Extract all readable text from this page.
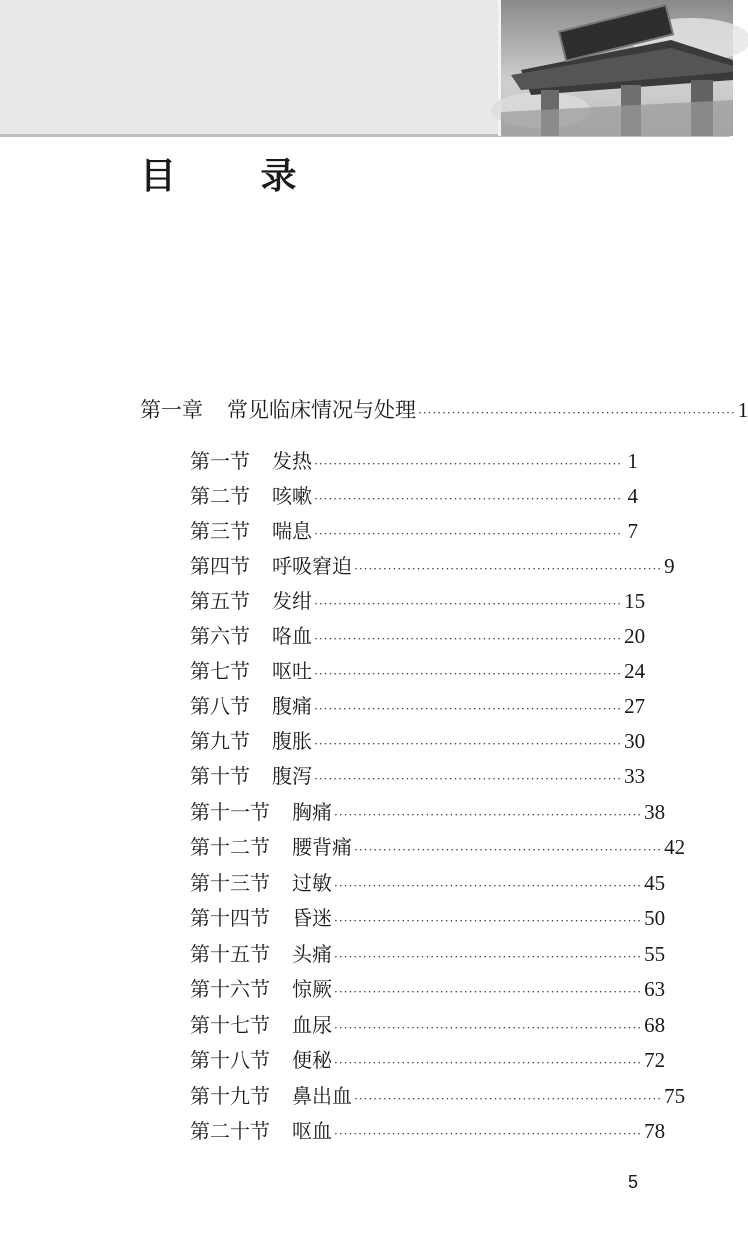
目 录
第一章 常见临床情况与处理 ·································································· 1
第一节 发热 ································································ 1
第二节 咳嗽 ································································ 4
第三节 喘息 ································································ 7
第四节 呼吸窘迫 ································································ 9
第五节 发绀 ································································ 15
第六节 咯血 ································································ 20
第七节 呕吐 ································································ 24
第八节 腹痛 ································································ 27
第九节 腹胀 ································································ 30
第十节 腹泻 ································································ 33
第十一节 胸痛 ································································ 38
第十二节 腰背痛 ································································ 42
第十三节 过敏 ································································ 45
第十四节 昏迷 ································································ 50
第十五节 头痛 ································································ 55
第十六节 惊厥 ································································ 63
第十七节 血尿 ································································ 68
第十八节 便秘 ································································ 72
第十九节 鼻出血 ································································ 75
第二十节 呕血 ································································ 78
5
